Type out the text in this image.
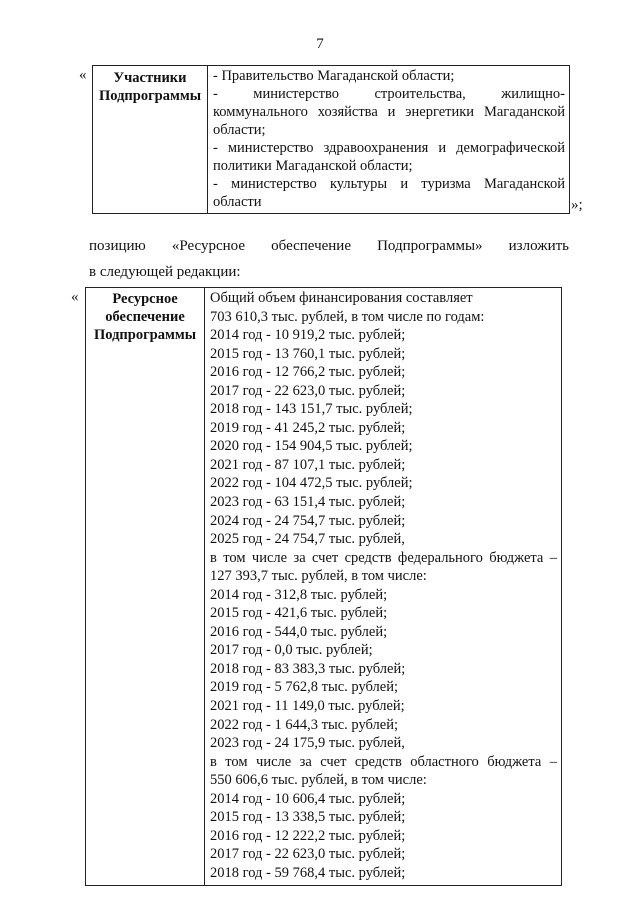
7
«	Участники
Подпрограммы

- Правительство Магаданской области;
- министерство строительства, жилищно-
коммунального хозяйства и энергетики Магаданской
области;
- министерство здравоохранения и демографической
политики Магаданской области;
- министерство культуры и туризма Магаданской
области	»;
позицию «Ресурсное обеспечение Подпрограммы» изложить
в следующей редакции:
«	Ресурсное
обеспечение
Подпрограммы

Общий объем финансирования составляет
703 610,3 тыс. рублей, в том числе по годам:
2014 год - 10 919,2 тыс. рублей;
2015 год - 13 760,1 тыс. рублей;
2016 год - 12 766,2 тыс. рублей;
2017 год - 22 623,0 тыс. рублей;
2018 год - 143 151,7 тыс. рублей;
2019 год - 41 245,2 тыс. рублей;
2020 год - 154 904,5 тыс. рублей;
2021 год - 87 107,1 тыс. рублей;
2022 год - 104 472,5 тыс. рублей;
2023 год - 63 151,4 тыс. рублей;
2024 год - 24 754,7 тыс. рублей;
2025 год - 24 754,7 тыс. рублей,
в том числе за счет средств федерального бюджета –
127 393,7 тыс. рублей, в том числе:
2014 год - 312,8 тыс. рублей;
2015 год - 421,6 тыс. рублей;
2016 год - 544,0 тыс. рублей;
2017 год - 0,0 тыс. рублей;
2018 год - 83 383,3 тыс. рублей;
2019 год - 5 762,8 тыс. рублей;
2021 год - 11 149,0 тыс. рублей;
2022 год - 1 644,3 тыс. рублей;
2023 год - 24 175,9 тыс. рублей,
в том числе за счет средств областного бюджета –
550 606,6 тыс. рублей, в том числе:
2014 год - 10 606,4 тыс. рублей;
2015 год - 13 338,5 тыс. рублей;
2016 год - 12 222,2 тыс. рублей;
2017 год - 22 623,0 тыс. рублей;
2018 год - 59 768,4 тыс. рублей;
